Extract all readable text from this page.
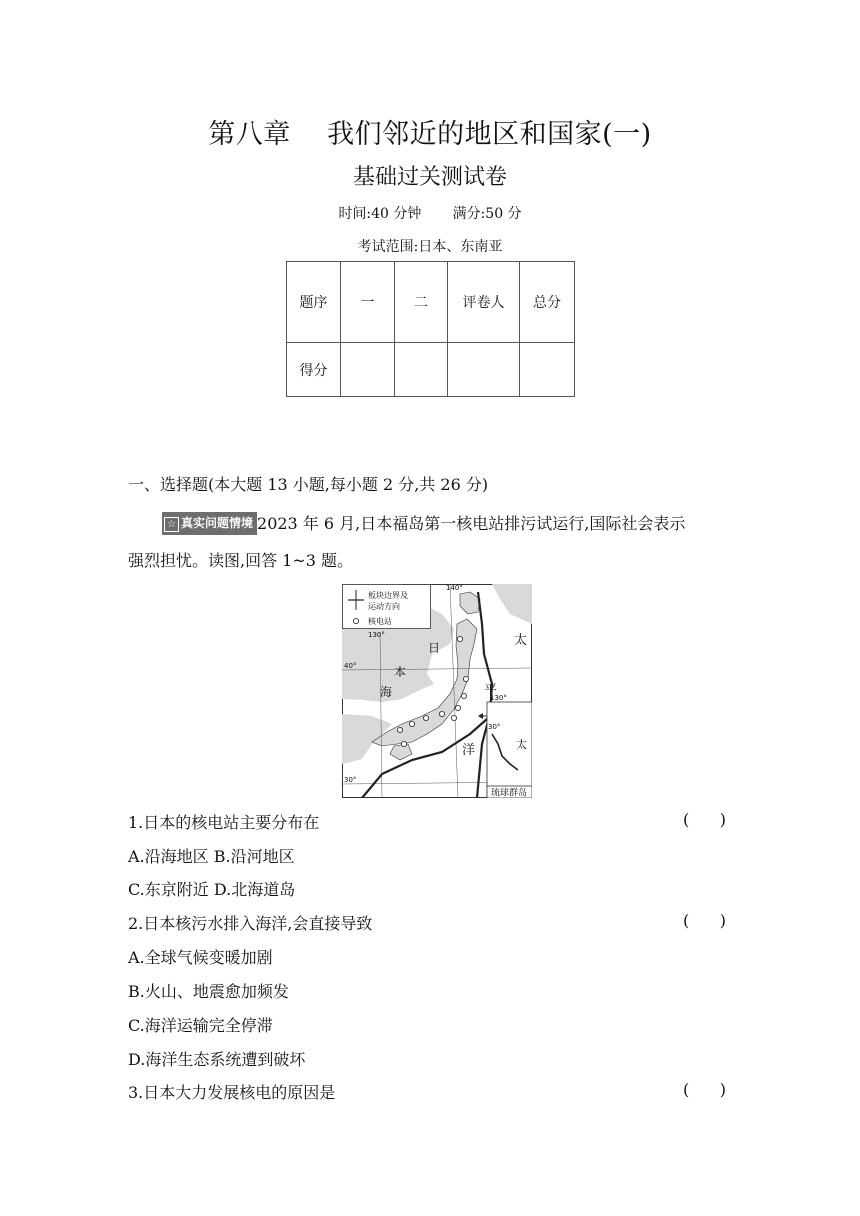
第八章    我们邻近的地区和国家(一)
基础过关测试卷
时间:40 分钟       满分:50 分
考试范围:日本、东南亚
题序	一	二	评卷人	总分
得分				
一、选择题(本大题 13 小题,每小题 2 分,共 26 分)
☆ 真实问题情境 2023 年 6 月,日本福岛第一核电站排污试运行,国际社会表示
强烈担忧。读图,回答 1~3 题。
琉球群岛
130°
30°
太
板块边界及
运动方向
核电站
140°
130°
40°
30°
日
本
海
太
平
洋
1.日本的核电站主要分布在	(      )
A.沿海地区 B.沿河地区
C.东京附近 D.北海道岛
2.日本核污水排入海洋,会直接导致	(      )
A.全球气候变暖加剧
B.火山、地震愈加频发
C.海洋运输完全停滞
D.海洋生态系统遭到破坏
3.日本大力发展核电的原因是	(      )
